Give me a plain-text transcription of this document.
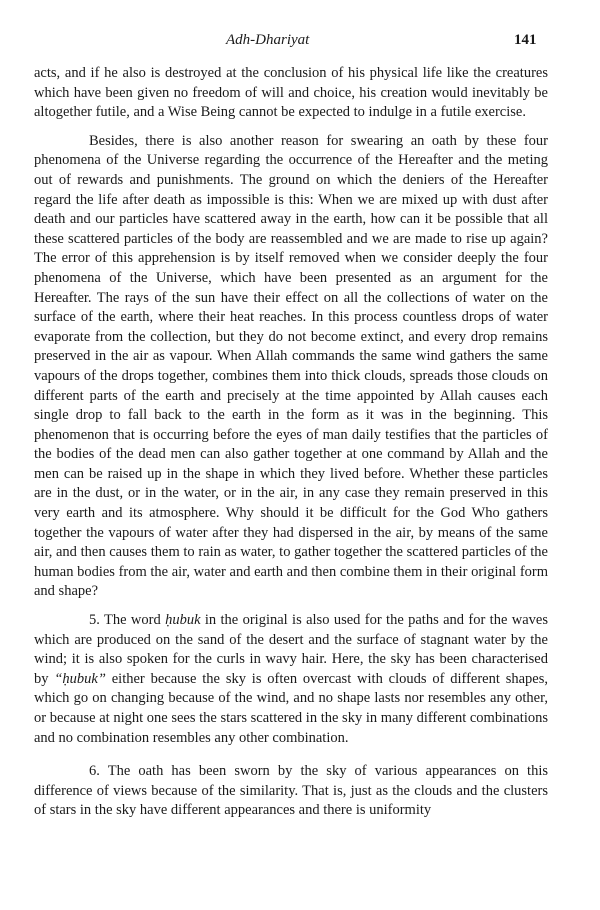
Adh-Dhariyat	141

acts, and if he also is destroyed at the conclusion of his physical life like the creatures which have been given no freedom of will and choice, his creation would inevitably be altogether futile, and a Wise Being cannot be expected to indulge in a futile exercise.

Besides, there is also another reason for swearing an oath by these four phenomena of the Universe regarding the occurrence of the Hereafter and the meting out of rewards and punishments. The ground on which the deniers of the Hereafter regard the life after death as impossible is this: When we are mixed up with dust after death and our particles have scattered away in the earth, how can it be possible that all these scattered particles of the body are reassembled and we are made to rise up again? The error of this apprehension is by itself removed when we consider deeply the four phenomena of the Universe, which have been presented as an argument for the Hereafter. The rays of the sun have their effect on all the collections of water on the surface of the earth, where their heat reaches. In this process countless drops of water evaporate from the collection, but they do not become extinct, and every drop remains preserved in the air as vapour. When Allah commands the same wind gathers the same vapours of the drops together, combines them into thick clouds, spreads those clouds on different parts of the earth and precisely at the time appointed by Allah causes each single drop to fall back to the earth in the form as it was in the beginning. This phenomenon that is occurring before the eyes of man daily testifies that the particles of the bodies of the dead men can also gather together at one command by Allah and the men can be raised up in the shape in which they lived before. Whether these particles are in the dust, or in the water, or in the air, in any case they remain preserved in this very earth and its atmosphere. Why should it be difficult for the God Who gathers together the vapours of water after they had dispersed in the air, by means of the same air, and then causes them to rain as water, to gather together the scattered particles of the human bodies from the air, water and earth and then combine them in their original form and shape?

5. The word ḥubuk in the original is also used for the paths and for the waves which are produced on the sand of the desert and the surface of stagnant water by the wind; it is also spoken for the curls in wavy hair. Here, the sky has been characterised by “ḥubuk” either because the sky is often overcast with clouds of different shapes, which go on changing because of the wind, and no shape lasts nor resembles any other, or because at night one sees the stars scattered in the sky in many different combinations and no combination resembles any other combination.

6. The oath has been sworn by the sky of various appearances on this difference of views because of the similarity. That is, just as the clouds and the clusters of stars in the sky have different appearances and there is uniformity
